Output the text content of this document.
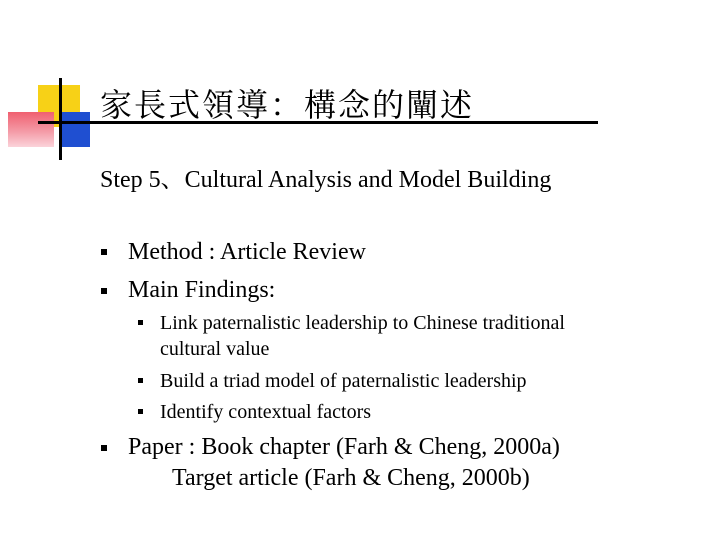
家長式領導：構念的闡述
Step 5、Cultural Analysis and Model Building
Method : Article Review
Main Findings:
Link paternalistic leadership to Chinese traditional
cultural value
Build a triad model of paternalistic leadership
Identify contextual factors
Paper : Book chapter (Farh & Cheng, 2000a)
Target article (Farh & Cheng, 2000b)
